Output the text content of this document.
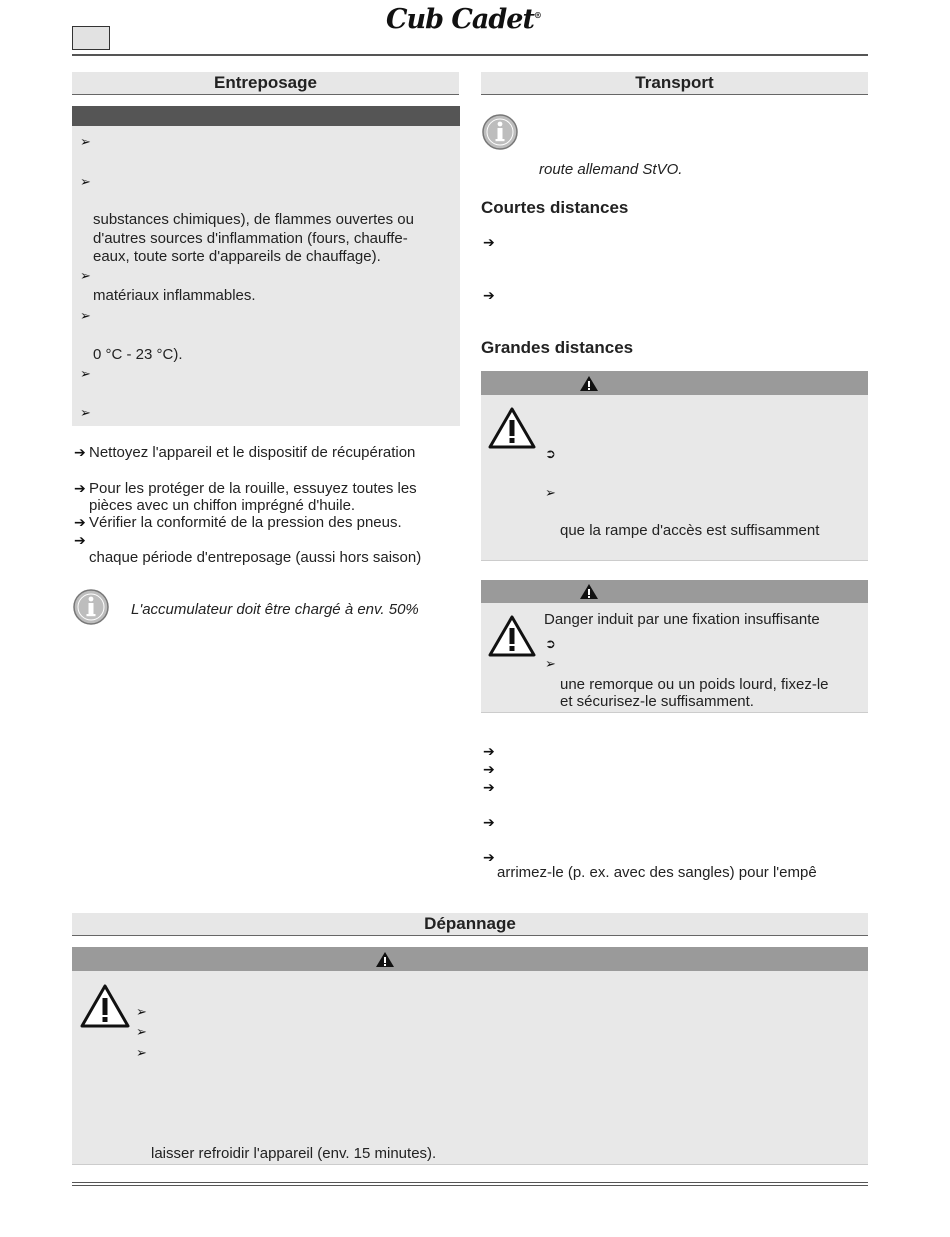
Cub Cadet®
Entreposage
➢
➢
substances chimiques), de flammes ouvertes ou
d'autres sources d'inflammation (fours, chauffe-
eaux, toute sorte d'appareils de chauffage).
➢
matériaux inflammables.
➢
0 °C - 23 °C).
➢
➢
➔ Nettoyez l'appareil et le dispositif de récupération
➔ Pour les protéger de la rouille, essuyez toutes les
pièces avec un chiffon imprégné d'huile.
➔ Vérifier la conformité de la pression des pneus.
➔
chaque période d'entreposage (aussi hors saison)
L'accumulateur doit être chargé à env. 50%
Transport
route allemand StVO.
Courtes distances
➔
➔
Grandes distances
➲
➢
que la rampe d'accès est suffisamment
Danger induit par une fixation insuffisante
➲
➢
une remorque ou un poids lourd, fixez-le
et sécurisez-le suffisamment.
➔
➔
➔
➔
➔
arrimez-le (p. ex. avec des sangles) pour l'empê
Dépannage
➢
➢
➢
laisser refroidir l'appareil (env. 15 minutes).
